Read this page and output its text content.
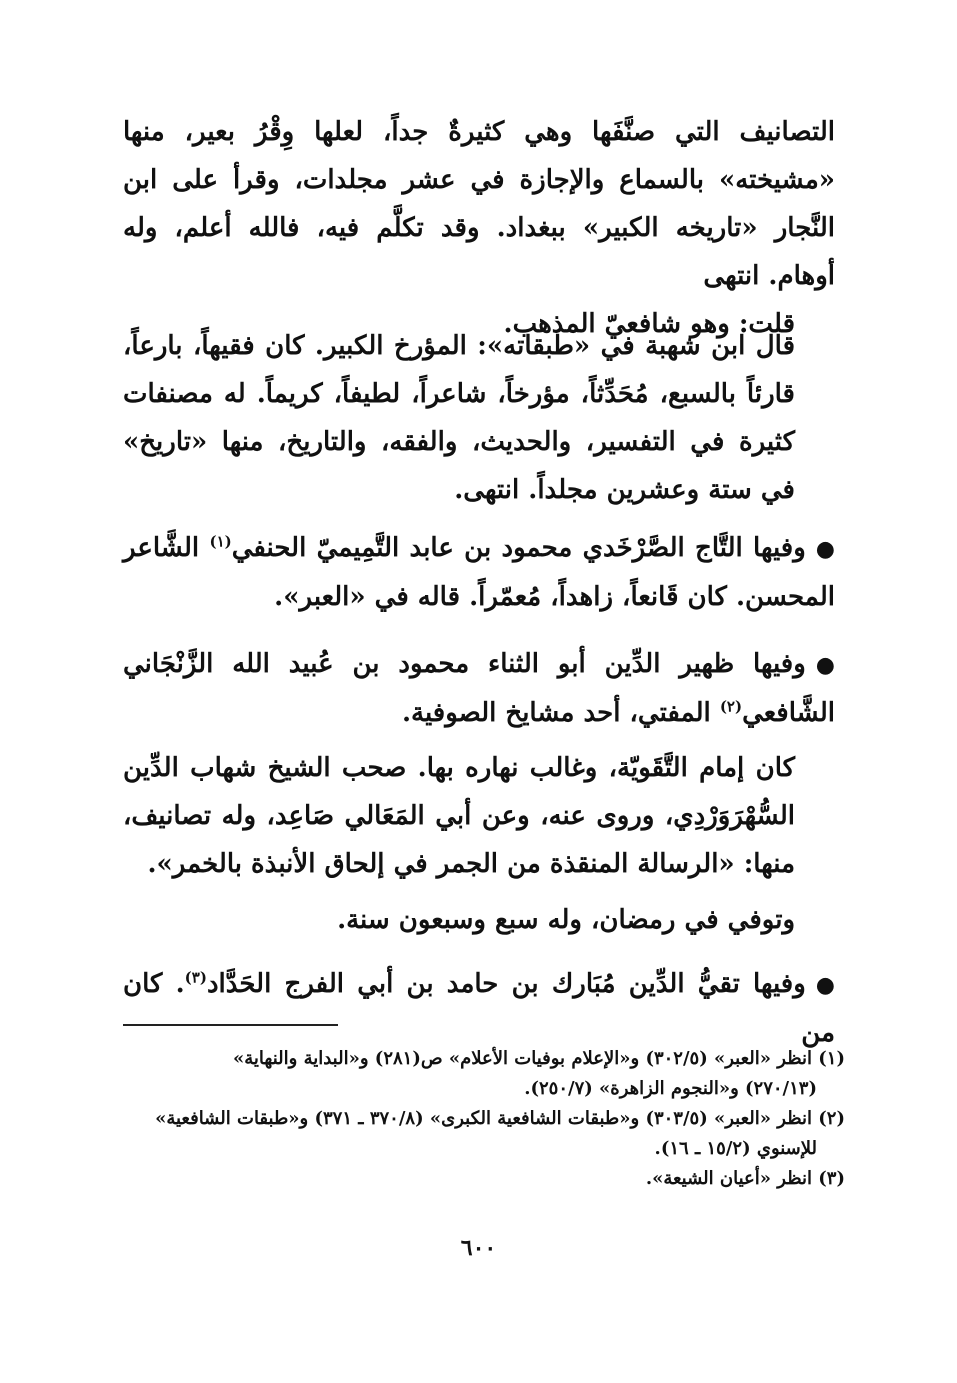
التصانيف التي صنَّفَها وهي كثيرةٌ جداً، لعلها وِقْرُ بعير، منها «مشيخته» بالسماع والإجازة في عشر مجلدات، وقرأ على ابن النَّجار «تاريخه الكبير» ببغداد. وقد تكلَّم فيه، فالله أعلم، وله أوهام. انتهى

قلت: وهو شافعيّ المذهب.

قال ابن شهبة في «طبقاته»: المؤرخ الكبير. كان فقيهاً، بارعاً، قارئاً بالسبع، مُحَدِّثاً، مؤرخاً، شاعراً، لطيفاً، كريماً. له مصنفات كثيرة في التفسير، والحديث، والفقه، والتاريخ، منها «تاريخ» في ستة وعشرين مجلداً. انتهى.

●وفيها التَّاج الصَّرْخَدي محمود بن عابد التَّمِيميّ الحنفي$^{(١)}$ الشَّاعر المحسن. كان قَانعاً، زاهداً، مُعمّراً. قاله في «العبر».

●وفيها ظهير الدِّين أبو الثناء محمود بن عُبيد الله الزَّنْجَاني الشَّافعي$^{(٢)}$ المفتي، أحد مشايخ الصوفية.

كان إمام التَّقَويّة، وغالب نهاره بها. صحب الشيخ شهاب الدِّين السُّهْرَوَرْدِي، وروى عنه، وعن أبي المَعَالي صَاعِد، وله تصانيف، منها: «الرسالة المنقذة من الجمر في إلحاق الأنبذة بالخمر».

وتوفي في رمضان، وله سبع وسبعون سنة.

●وفيها تقيُّ الدِّين مُبَارك بن حامد بن أبي الفرج الحَدَّاد$^{(٣)}$. كان من

(١) انظر «العبر» (٣٠٢/٥) و«الإعلام بوفيات الأعلام» ص(٢٨١) و«البداية والنهاية»

(٢٧٠/١٣) و«النجوم الزاهرة» (٢٥٠/٧).

(٢) انظر «العبر» (٣٠٣/٥) و«طبقات الشافعية الكبرى» (٣٧٠/٨ ـ ٣٧١) و«طبقات الشافعية»

للإسنوي (١٥/٢ ـ ١٦).

(٣) انظر «أعيان الشيعة».

٦٠٠
